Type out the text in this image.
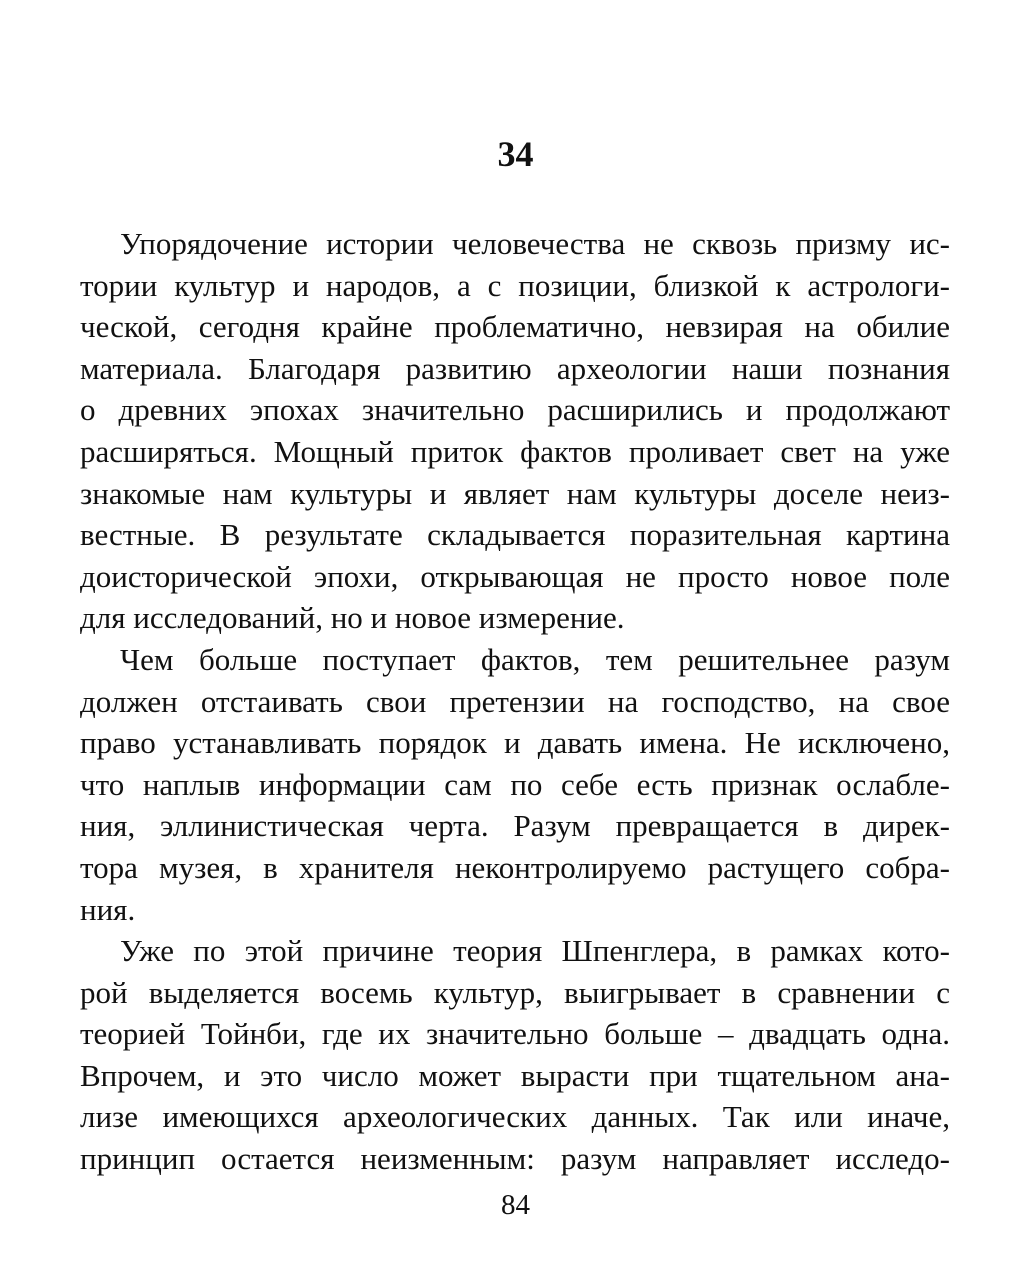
34
Упорядочение истории человечества не сквозь призму ис-
тории культур и народов, а с позиции, близкой к астрологи-
ческой, сегодня крайне проблематично, невзирая на обилие
материала. Благодаря развитию археологии наши познания
о древних эпохах значительно расширились и продолжают
расширяться. Мощный приток фактов проливает свет на уже
знакомые нам культуры и являет нам культуры доселе неиз-
вестные. В результате складывается поразительная картина
доисторической эпохи, открывающая не просто новое поле
для исследований, но и новое измерение.
Чем больше поступает фактов, тем решительнее разум
должен отстаивать свои претензии на господство, на свое
право устанавливать порядок и давать имена. Не исключено,
что наплыв информации сам по себе есть признак ослабле-
ния, эллинистическая черта. Разум превращается в дирек-
тора музея, в хранителя неконтролируемо растущего собра-
ния.
Уже по этой причине теория Шпенглера, в рамках кото-
рой выделяется восемь культур, выигрывает в сравнении с
теорией Тойнби, где их значительно больше – двадцать одна.
Впрочем, и это число может вырасти при тщательном ана-
лизе имеющихся археологических данных. Так или иначе,
принцип остается неизменным: разум направляет исследо-
84
